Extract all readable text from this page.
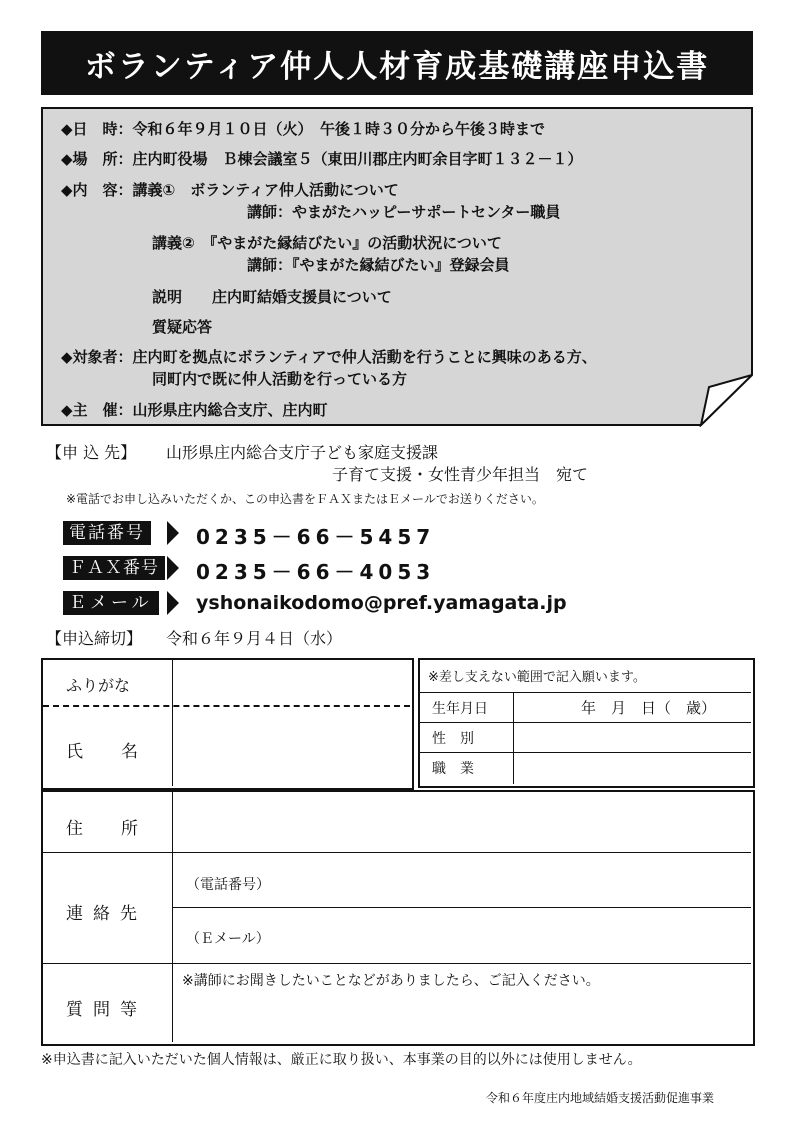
ボランティア仲人人材育成基礎講座申込書
◆日　時：令和６年９月１０日（火）　午後１時３０分から午後３時まで
◆場　所：庄内町役場　Ｂ棟会議室５（東田川郡庄内町余目字町１３２－１）
◆内　容：講義①　ボランティア仲人活動について
講師：やまがたハッピーサポートセンター職員
講義②　『やまがた縁結びたい』の活動状況について
講師：『やまがた縁結びたい』登録会員
説明　　庄内町結婚支援員について
質疑応答
◆対象者：庄内町を拠点にボランティアで仲人活動を行うことに興味のある方、
同町内で既に仲人活動を行っている方
◆主　催：山形県庄内総合支庁、庄内町
【申 込 先】 山形県庄内総合支庁子ども家庭支援課
子育て支援・女性青少年担当　宛て
※電話でお申し込みいただくか、この申込書をＦＡＸまたはＥメールでお送りください。
電話番号	0235－66－5457
ＦＡＸ番号	0235－66－4053
Ｅメール	yshonaikodomo@pref.yamagata.jp
【申込締切】 令和６年９月４日（水）
ふりがな
氏名
※差し支えない範囲で記入願います。
生年月日	年　月　日（　歳）
性　別
職　業
住所
連絡先
（電話番号）
（Ｅメール）
質問等
※講師にお聞きしたいことなどがありましたら、ご記入ください。
※申込書に記入いただいた個人情報は、厳正に取り扱い、本事業の目的以外には使用しません。
令和６年度庄内地域結婚支援活動促進事業
